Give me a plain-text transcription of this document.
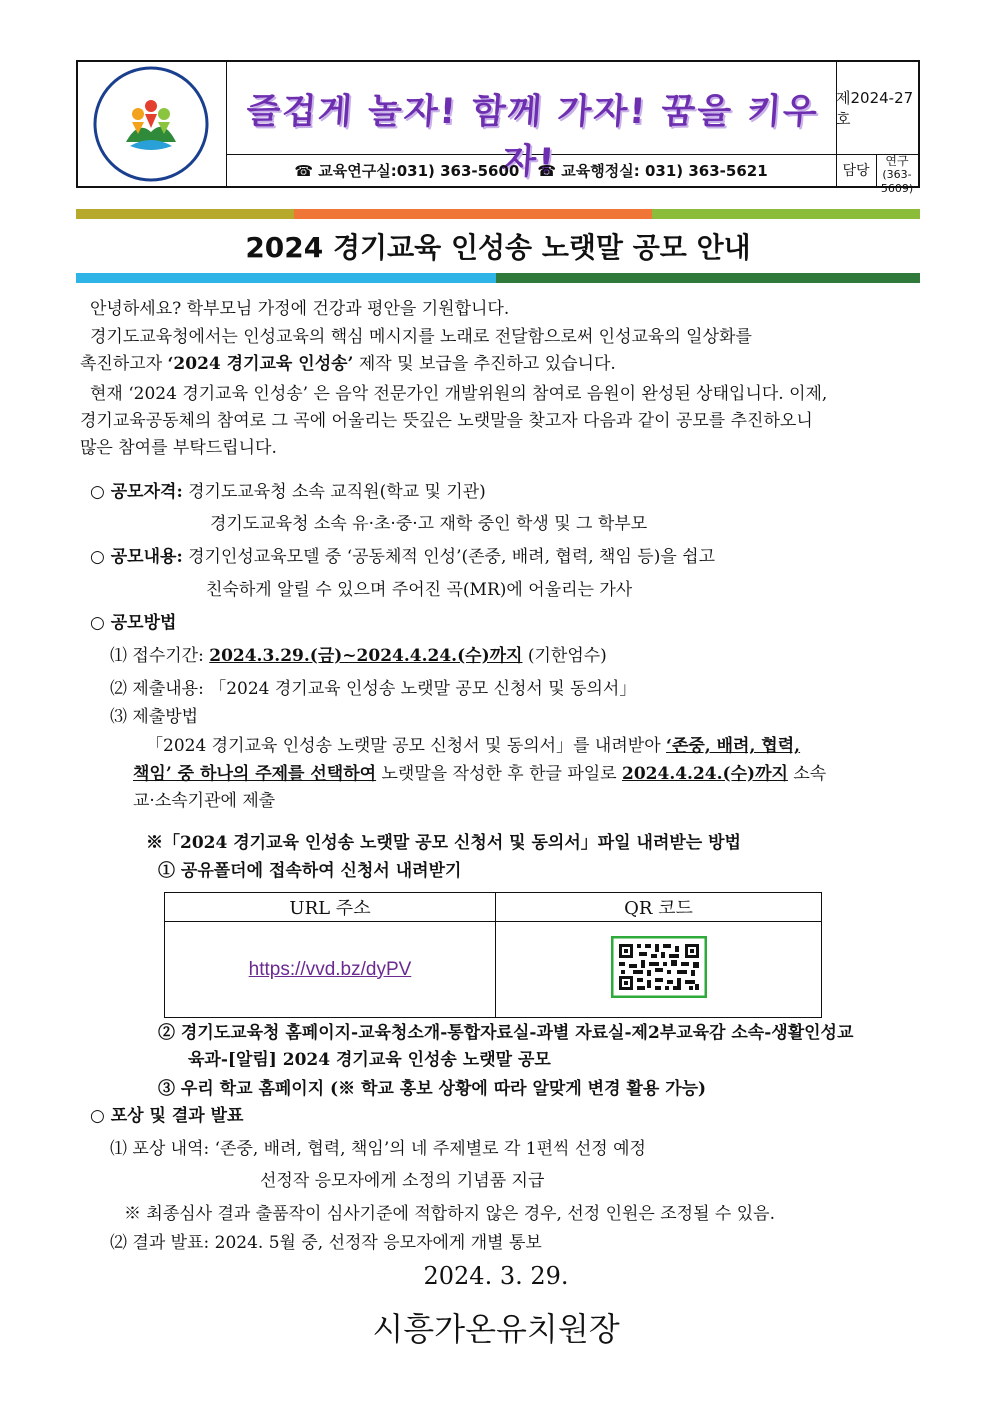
즐겁게 놀자! 함께 가자! 꿈을 키우자!
제2024-27호
☎ 교육연구실:031) 363-5600 ☎ 교육행정실: 031) 363-5621	담당
연구
(363-5609)
2024 경기교육 인성송 노랫말 공모 안내
안녕하세요? 학부모님 가정에 건강과 평안을 기원합니다.
경기도교육청에서는 인성교육의 핵심 메시지를 노래로 전달함으로써 인성교육의 일상화를
촉진하고자 ‘2024 경기교육 인성송’ 제작 및 보급을 추진하고 있습니다.
현재 ‘2024 경기교육 인성송’ 은 음악 전문가인 개발위원의 참여로 음원이 완성된 상태입니다. 이제,
경기교육공동체의 참여로 그 곡에 어울리는 뜻깊은 노랫말을 찾고자 다음과 같이 공모를 추진하오니
많은 참여를 부탁드립니다.
○ 공모자격: 경기도교육청 소속 교직원(학교 및 기관)
경기도교육청 소속 유·초·중·고 재학 중인 학생 및 그 학부모
○ 공모내용: 경기인성교육모델 중 ‘공동체적 인성’(존중, 배려, 협력, 책임 등)을 쉽고
친숙하게 알릴 수 있으며 주어진 곡(MR)에 어울리는 가사
○ 공모방법
⑴ 접수기간: 2024.3.29.(금)~2024.4.24.(수)까지 (기한엄수)
⑵ 제출내용: 「2024 경기교육 인성송 노랫말 공모 신청서 및 동의서」
⑶ 제출방법
「2024 경기교육 인성송 노랫말 공모 신청서 및 동의서」를 내려받아 ‘존중, 배려, 협력,
책임’ 중 하나의 주제를 선택하여 노랫말을 작성한 후 한글 파일로 2024.4.24.(수)까지 소속
교·소속기관에 제출
※「2024 경기교육 인성송 노랫말 공모 신청서 및 동의서」파일 내려받는 방법
① 공유폴더에 접속하여 신청서 내려받기
URL 주소	QR 코드
https://vvd.bz/dyPV	
② 경기도교육청 홈페이지-교육청소개-통합자료실-과별 자료실-제2부교육감 소속-생활인성교
육과-[알림] 2024 경기교육 인성송 노랫말 공모
③ 우리 학교 홈페이지 (※ 학교 홍보 상황에 따라 알맞게 변경 활용 가능)
○ 포상 및 결과 발표
⑴ 포상 내역: ‘존중, 배려, 협력, 책임’의 네 주제별로 각 1편씩 선정 예정
선정작 응모자에게 소정의 기념품 지급
※ 최종심사 결과 출품작이 심사기준에 적합하지 않은 경우, 선정 인원은 조정될 수 있음.
⑵ 결과 발표: 2024. 5월 중, 선정작 응모자에게 개별 통보
2024. 3. 29.
시흥가온유치원장
